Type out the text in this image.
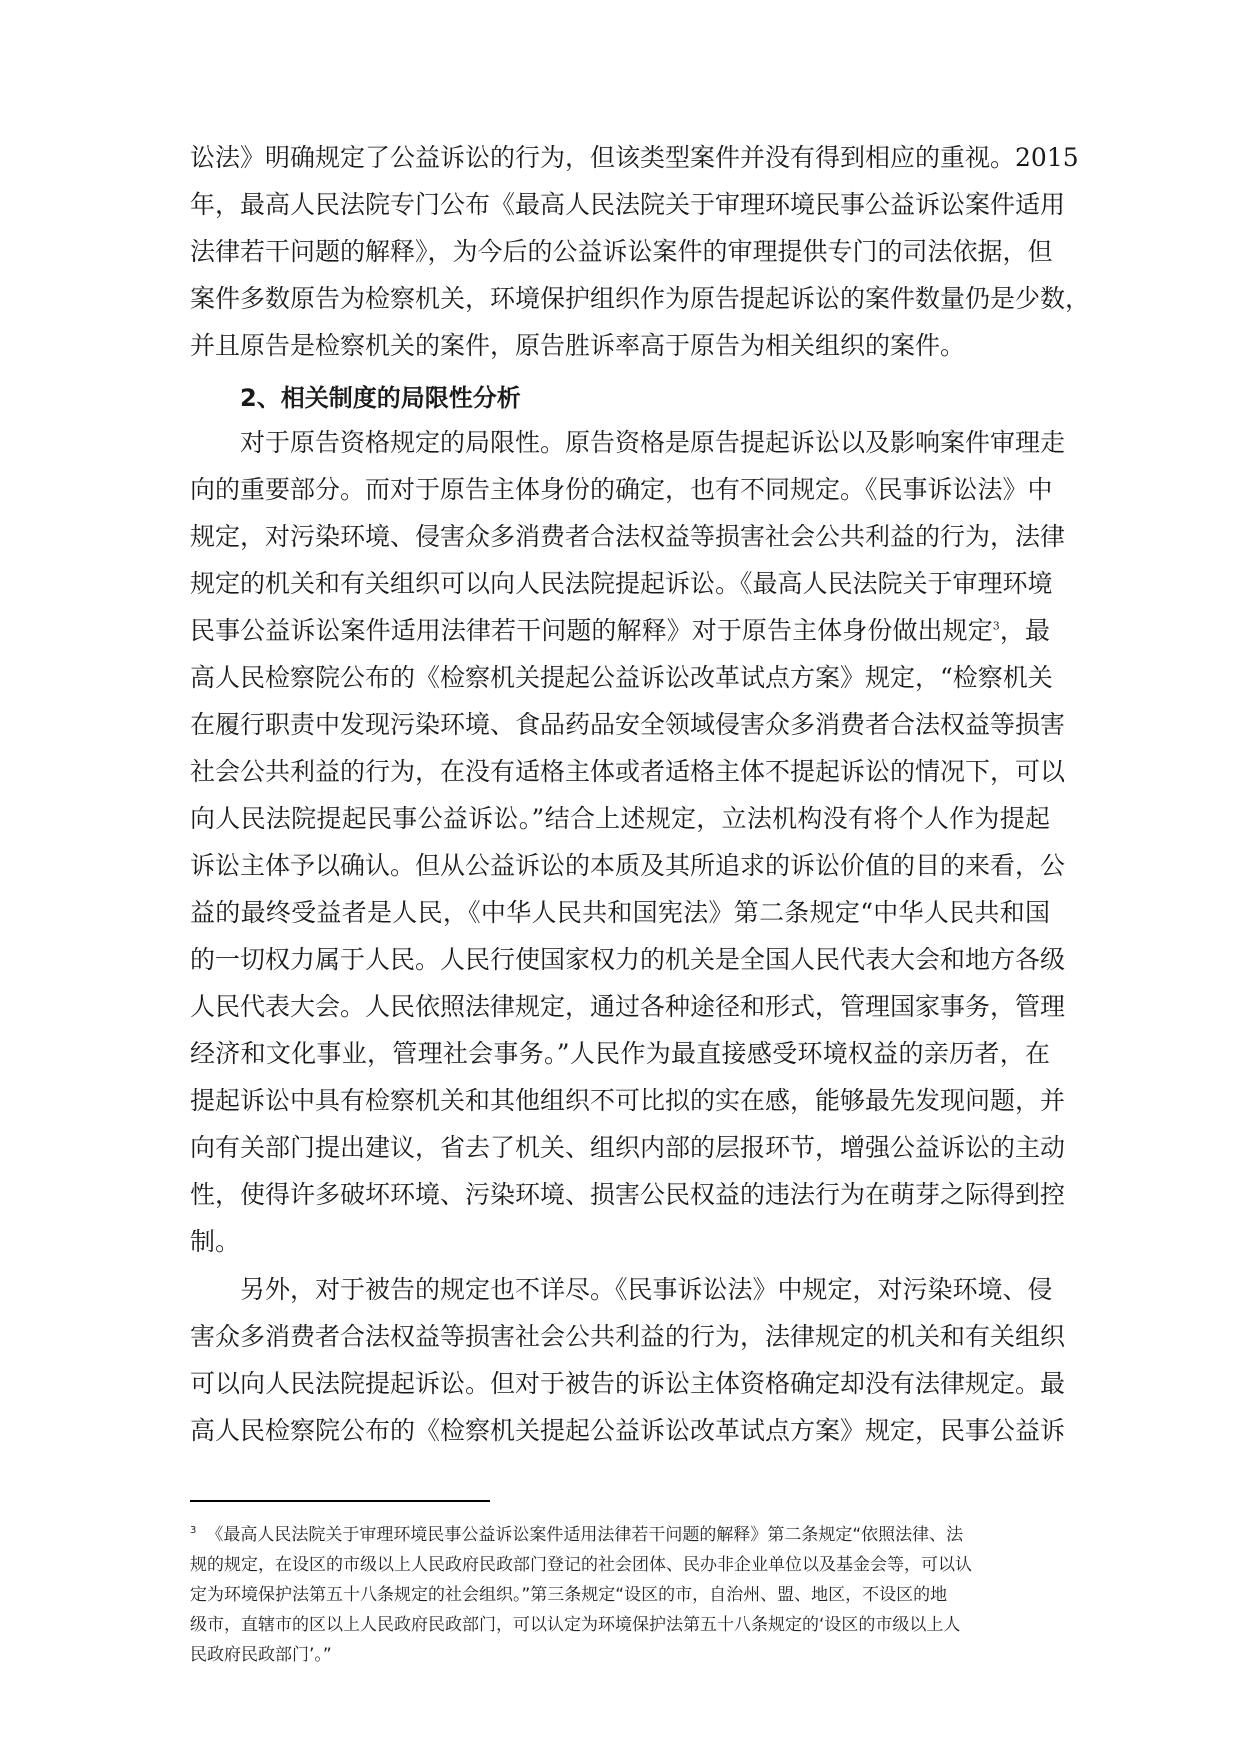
讼法》明确规定了公益诉讼的行为，但该类型案件并没有得到相应的重视。2015
年，最高人民法院专门公布《最高人民法院关于审理环境民事公益诉讼案件适用
法律若干问题的解释》，为今后的公益诉讼案件的审理提供专门的司法依据，但
案件多数原告为检察机关，环境保护组织作为原告提起诉讼的案件数量仍是少数，
并且原告是检察机关的案件，原告胜诉率高于原告为相关组织的案件。
2、相关制度的局限性分析
对于原告资格规定的局限性。原告资格是原告提起诉讼以及影响案件审理走
向的重要部分。而对于原告主体身份的确定，也有不同规定。《民事诉讼法》中
规定，对污染环境、侵害众多消费者合法权益等损害社会公共利益的行为，法律
规定的机关和有关组织可以向人民法院提起诉讼。《最高人民法院关于审理环境
民事公益诉讼案件适用法律若干问题的解释》对于原告主体身份做出规定$^3$，最
高人民检察院公布的《检察机关提起公益诉讼改革试点方案》规定，“检察机关
在履行职责中发现污染环境、食品药品安全领域侵害众多消费者合法权益等损害
社会公共利益的行为，在没有适格主体或者适格主体不提起诉讼的情况下，可以
向人民法院提起民事公益诉讼。”结合上述规定，立法机构没有将个人作为提起
诉讼主体予以确认。但从公益诉讼的本质及其所追求的诉讼价值的目的来看，公
益的最终受益者是人民，《中华人民共和国宪法》第二条规定“中华人民共和国
的一切权力属于人民。人民行使国家权力的机关是全国人民代表大会和地方各级
人民代表大会。人民依照法律规定，通过各种途径和形式，管理国家事务，管理
经济和文化事业，管理社会事务。”人民作为最直接感受环境权益的亲历者，在
提起诉讼中具有检察机关和其他组织不可比拟的实在感，能够最先发现问题，并
向有关部门提出建议，省去了机关、组织内部的层报环节，增强公益诉讼的主动
性，使得许多破坏环境、污染环境、损害公民权益的违法行为在萌芽之际得到控
制。
另外，对于被告的规定也不详尽。《民事诉讼法》中规定，对污染环境、侵
害众多消费者合法权益等损害社会公共利益的行为，法律规定的机关和有关组织
可以向人民法院提起诉讼。但对于被告的诉讼主体资格确定却没有法律规定。最
高人民检察院公布的《检察机关提起公益诉讼改革试点方案》规定，民事公益诉
$^3$ 《最高人民法院关于审理环境民事公益诉讼案件适用法律若干问题的解释》第二条规定“依照法律、法
规的规定，在设区的市级以上人民政府民政部门登记的社会团体、民办非企业单位以及基金会等，可以认
定为环境保护法第五十八条规定的社会组织。”第三条规定“设区的市，自治州、盟、地区，不设区的地
级市，直辖市的区以上人民政府民政部门，可以认定为环境保护法第五十八条规定的‘设区的市级以上人
民政府民政部门’。”
